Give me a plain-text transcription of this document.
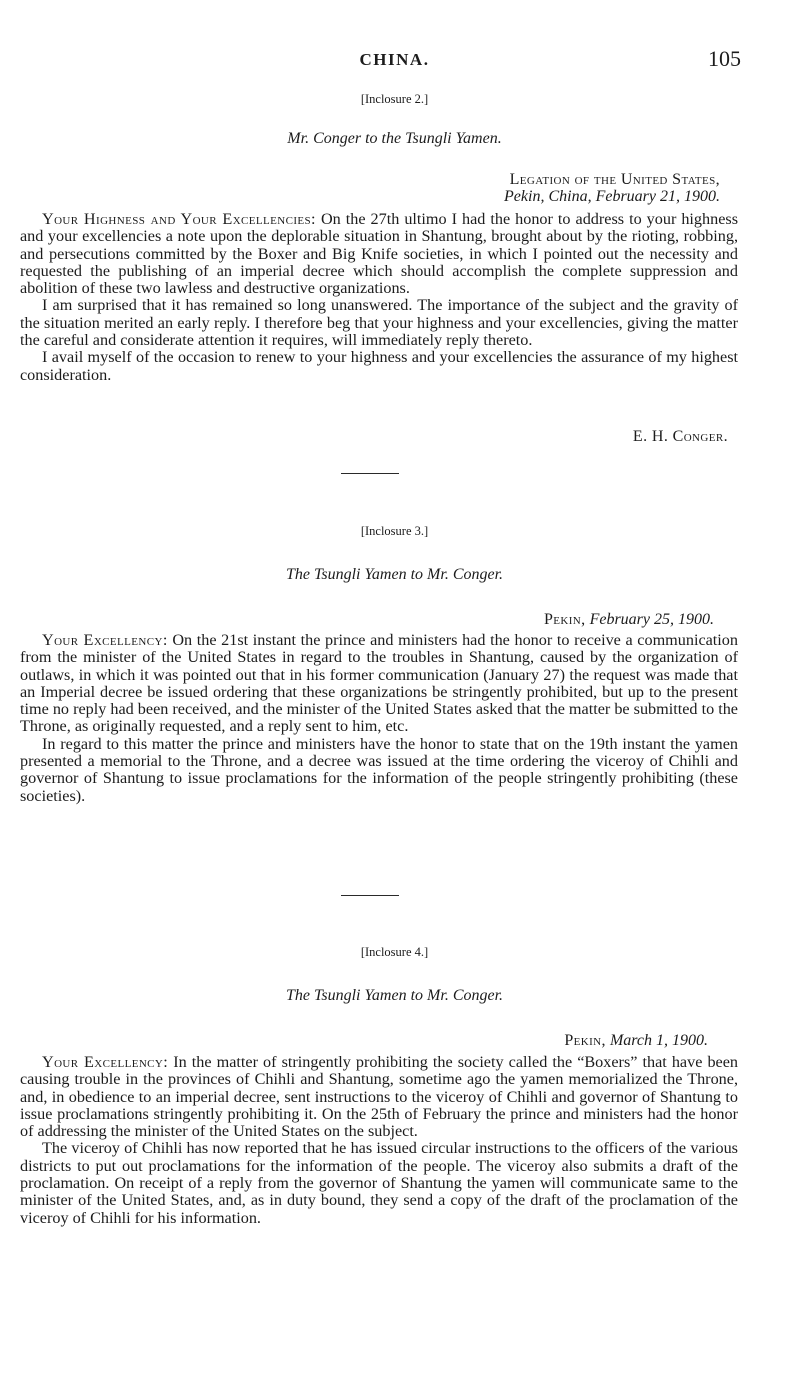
CHINA.	105
[Inclosure 2.]
Mr. Conger to the Tsungli Yamen.
Legation of the United States,
Pekin, China, February 21, 1900.

Your Highness and Your Excellencies: On the 27th ultimo I had the honor to address to your highness and your excellencies a note upon the deplorable situation in Shantung, brought about by the rioting, robbing, and persecutions committed by the Boxer and Big Knife societies, in which I pointed out the necessity and requested the publishing of an imperial decree which should accomplish the complete suppression and abolition of these two lawless and destructive organizations.

I am surprised that it has remained so long unanswered. The importance of the subject and the gravity of the situation merited an early reply. I therefore beg that your highness and your excellencies, giving the matter the careful and considerate attention it requires, will immediately reply thereto.

I avail myself of the occasion to renew to your highness and your excellencies the assurance of my highest consideration.

E. H. Conger.
[Inclosure 3.]
The Tsungli Yamen to Mr. Conger.
Pekin, February 25, 1900.

Your Excellency: On the 21st instant the prince and ministers had the honor to receive a communication from the minister of the United States in regard to the troubles in Shantung, caused by the organization of outlaws, in which it was pointed out that in his former communication (January 27) the request was made that an Imperial decree be issued ordering that these organizations be stringently prohibited, but up to the present time no reply had been received, and the minister of the United States asked that the matter be submitted to the Throne, as originally requested, and a reply sent to him, etc.

In regard to this matter the prince and ministers have the honor to state that on the 19th instant the yamen presented a memorial to the Throne, and a decree was issued at the time ordering the viceroy of Chihli and governor of Shantung to issue proclamations for the information of the people stringently prohibiting (these societies).

[Inclosure 4.]
The Tsungli Yamen to Mr. Conger.
Pekin, March 1, 1900.

Your Excellency: In the matter of stringently prohibiting the society called the “Boxers” that have been causing trouble in the provinces of Chihli and Shantung, sometime ago the yamen memorialized the Throne, and, in obedience to an imperial decree, sent instructions to the viceroy of Chihli and governor of Shantung to issue proclamations stringently prohibiting it. On the 25th of February the prince and ministers had the honor of addressing the minister of the United States on the subject.

The viceroy of Chihli has now reported that he has issued circular instructions to the officers of the various districts to put out proclamations for the information of the people. The viceroy also submits a draft of the proclamation. On receipt of a reply from the governor of Shantung the yamen will communicate same to the minister of the United States, and, as in duty bound, they send a copy of the draft of the proclamation of the viceroy of Chihli for his information.
